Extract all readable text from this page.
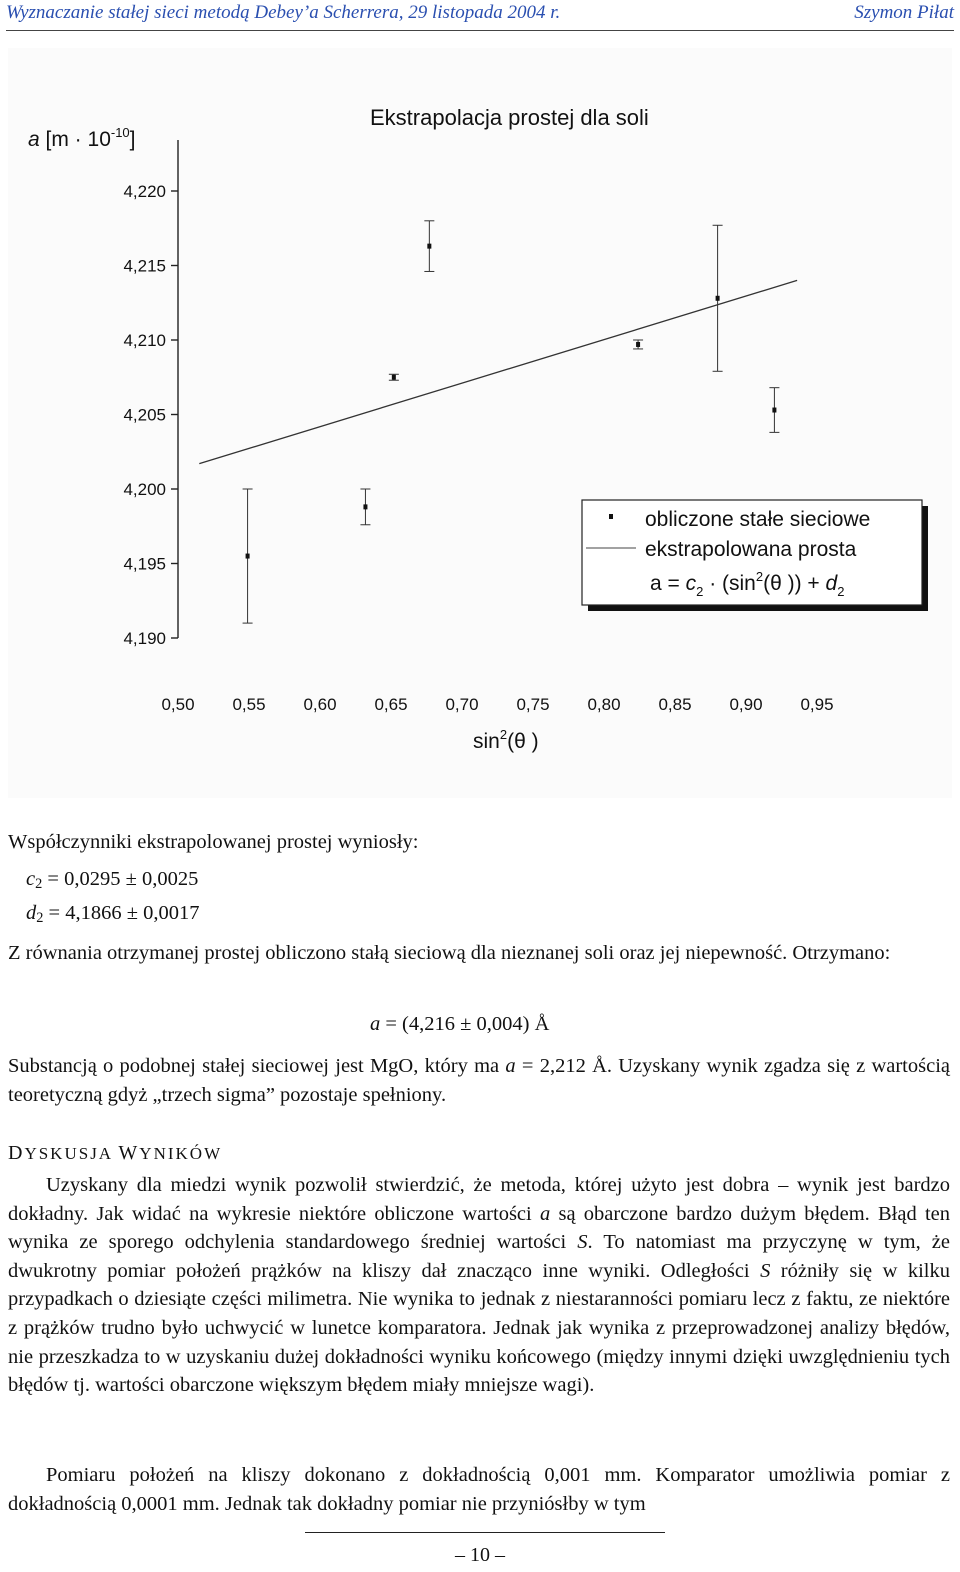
Wyznaczanie stałej sieci metodą Debey’a Scherrera, 29 listopada 2004 r.	Szymon Piłat
4,190
4,195
4,200
4,205
4,210
4,215
4,220
0,50 0,55 0,60 0,65 0,70 0,75 0,80 0,85 0,90 0,95
Ekstrapolacja prostej dla soli
a $[m \cdot 10^{-10}]$
$\sin^2(\theta$ )
obliczone stałe sieciowe
ekstrapolowana prosta
$a = c_2 \cdot (\sin^2(\theta$ )) + $d_2$

Współczynniki ekstrapolowanej prostej wyniosły:

$c_2 = 0,0295 \pm 0,0025$
$d_2 = 4,1866 \pm 0,0017$

Z równania otrzymanej prostej obliczono stałą sieciową dla nieznanej soli oraz jej niepewność. Otrzymano:

a = (4,216 ± 0,004) Å

Substancją o podobnej stałej sieciowej jest MgO, który ma a = 2,212 Å. Uzyskany wynik zgadza się z wartością teoretyczną gdyż „trzech sigma” pozostaje spełniony.

DYSKUSJA WYNIKÓW

Uzyskany dla miedzi wynik pozwolił stwierdzić, że metoda, której użyto jest dobra – wynik jest bardzo dokładny. Jak widać na wykresie niektóre obliczone wartości a są obarczone bardzo dużym błędem. Błąd ten wynika ze sporego odchylenia standardowego średniej wartości S. To natomiast ma przyczynę w tym, że dwukrotny pomiar położeń prążków na kliszy dał znacząco inne wyniki. Odległości S różniły się w kilku przypadkach o dziesiąte części milimetra. Nie wynika to jednak z niestaranności pomiaru lecz z faktu, ze niektóre z prążków trudno było uchwycić w lunetce komparatora. Jednak jak wynika z przeprowadzonej analizy błędów, nie przeszkadza to w uzyskaniu dużej dokładności wyniku końcowego (między innymi dzięki uwzględnieniu tych błędów tj. wartości obarczone większym błędem miały mniejsze wagi).

Pomiaru położeń na kliszy dokonano z dokładnością 0,001 mm. Komparator umożliwia pomiar z dokładnością 0,0001 mm. Jednak tak dokładny pomiar nie przyniósłby w tym

– 10 –
